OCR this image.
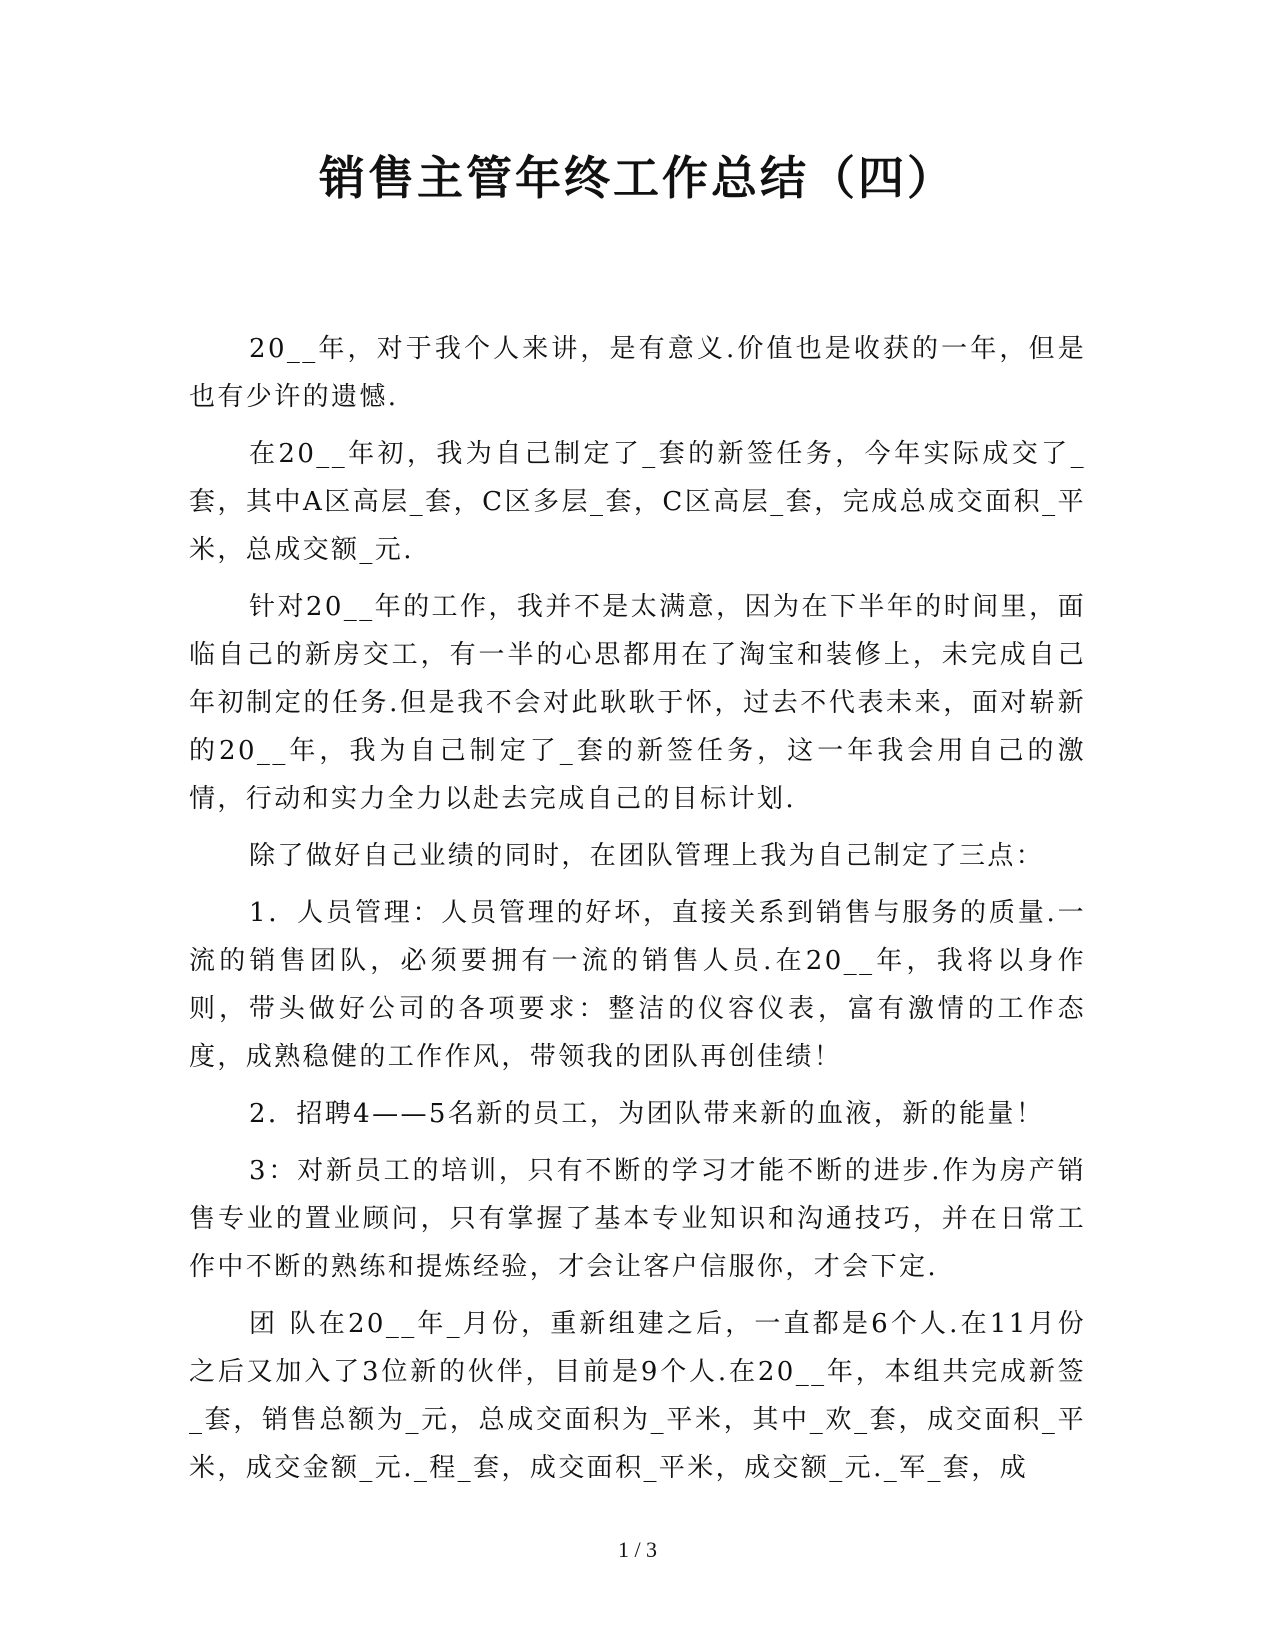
销售主管年终工作总结（四）

20__年，对于我个人来讲，是有意义.价值也是收获的一年，但是也有少许的遗憾.

在20__年初，我为自己制定了_套的新签任务，今年实际成交了_套，其中A区高层_套，C区多层_套，C区高层_套，完成总成交面积_平米，总成交额_元.

针对20__年的工作，我并不是太满意，因为在下半年的时间里，面临自己的新房交工，有一半的心思都用在了淘宝和装修上，未完成自己年初制定的任务.但是我不会对此耿耿于怀，过去不代表未来，面对崭新的20__年，我为自己制定了_套的新签任务，这一年我会用自己的激情，行动和实力全力以赴去完成自己的目标计划.

除了做好自己业绩的同时，在团队管理上我为自己制定了三点：

1．人员管理：人员管理的好坏，直接关系到销售与服务的质量.一流的销售团队，必须要拥有一流的销售人员.在20__年，我将以身作则，带头做好公司的各项要求：整洁的仪容仪表，富有激情的工作态度，成熟稳健的工作作风，带领我的团队再创佳绩！

2．招聘4——5名新的员工，为团队带来新的血液，新的能量！

3：对新员工的培训，只有不断的学习才能不断的进步.作为房产销售专业的置业顾问，只有掌握了基本专业知识和沟通技巧，并在日常工作中不断的熟练和提炼经验，才会让客户信服你，才会下定.

团 队在20__年_月份，重新组建之后，一直都是6个人.在11月份之后又加入了3位新的伙伴，目前是9个人.在20__年，本组共完成新签_套，销售总额为_元，总成交面积为_平米，其中_欢_套，成交面积_平米，成交金额_元._程_套，成交面积_平米，成交额_元._军_套，成

1 / 3
